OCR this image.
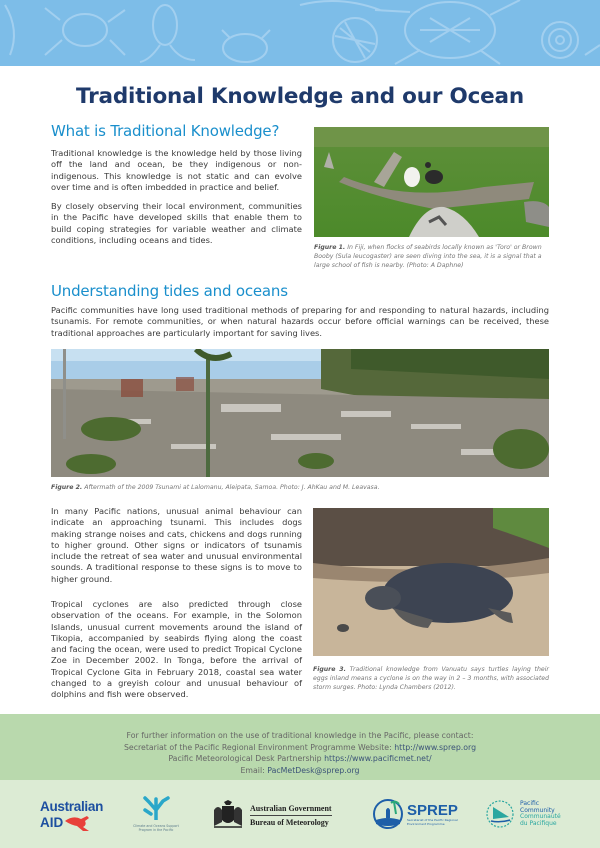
Traditional Knowledge and our Ocean
What is Traditional Knowledge?
Traditional knowledge is the knowledge held by those living off the land and ocean, be they indigenous or non-indigenous. This knowledge is not static and can evolve over time and is often imbedded in practice and belief.
By closely observing their local environment, communities in the Pacific have developed skills that enable them to build coping strategies for variable weather and climate conditions, including oceans and tides.
Figure 1. In Fiji, when flocks of seabirds locally known as 'Toro' or Brown Booby (Sula leucogaster) are seen diving into the sea, it is a signal that a large school of fish is nearby. (Photo: A Daphne)
Understanding tides and oceans
Pacific communities have long used traditional methods of preparing for and responding to natural hazards, including tsunamis. For remote communities, or when natural hazards occur before official warnings can be received, these traditional approaches are particularly important for saving lives.
Figure 2. Aftermath of the 2009 Tsunami at Lalomanu, Aleipata, Samoa. Photo: J. AhKau and M. Leavasa.
In many Pacific nations, unusual animal behaviour can indicate an approaching tsunami. This includes dogs making strange noises and cats, chickens and dogs running to higher ground. Other signs or indicators of tsunamis include the retreat of sea water and unusual environmental sounds. A traditional response to these signs is to move to higher ground.
Tropical cyclones are also predicted through close observation of the oceans. For example, in the Solomon Islands, unusual current movements around the island of Tikopia, accompanied by seabirds flying along the coast and facing the ocean, were used to predict Tropical Cyclone Zoe in December 2002. In Tonga, before the arrival of Tropical Cyclone Gita in February 2018, coastal sea water changed to a greyish colour and unusual behaviour of dolphins and fish were observed.
Figure 3. Traditional knowledge from Vanuatu says turtles laying their eggs inland means a cyclone is on the way in 2 – 3 months, with associated storm surges. Photo: Lynda Chambers (2012).
For further information on the use of traditional knowledge in the Pacific, please contact:
Secretariat of the Pacific Regional Environment Programme Website: http://www.sprep.org
Pacific Meteorological Desk Partnership https://www.pacificmet.net/
Email: PacMetDesk@sprep.org
Australian
AID	Climate and Oceans Support Program in the Pacific
Australian Government
Bureau of Meteorology
SPREP
Secretariat of the Pacific Regional Environment Programme
Pacific
Community
Communauté
du Pacifique
